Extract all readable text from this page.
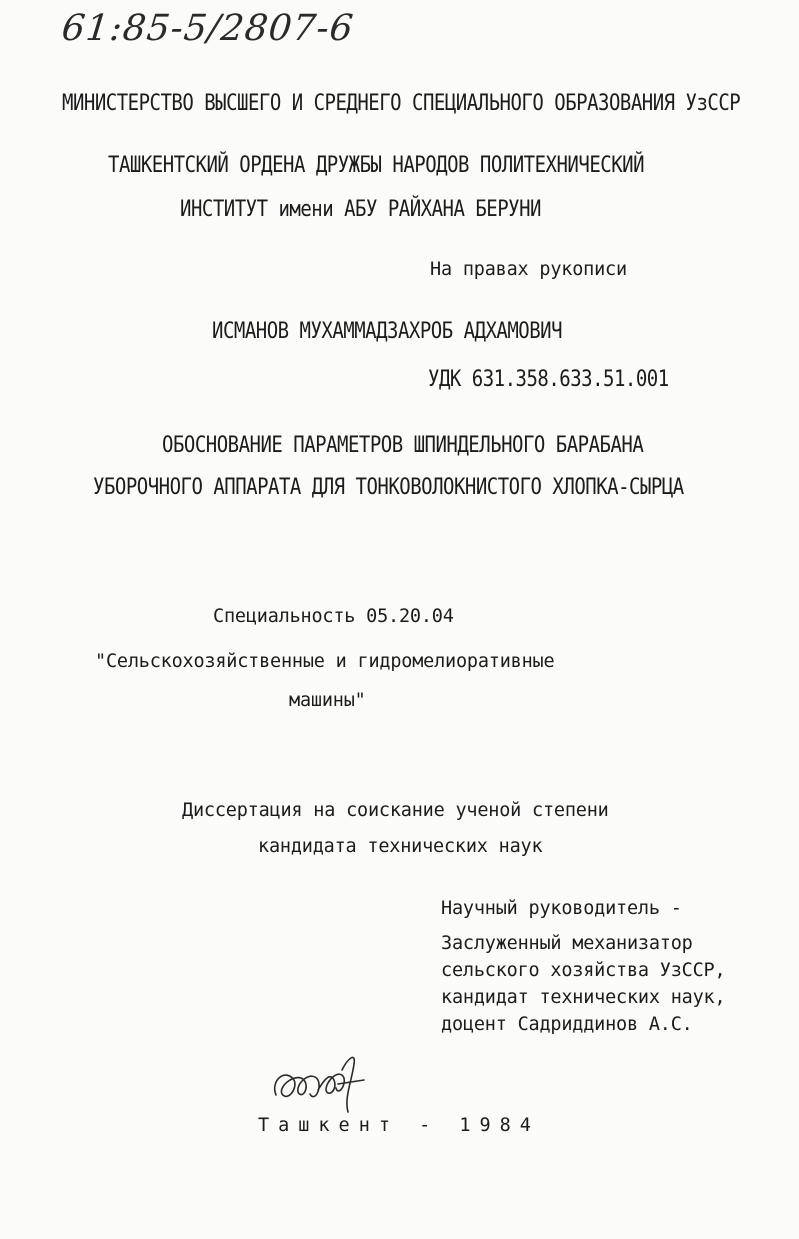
61:85-5/2807-6
МИНИСТЕРСТВО ВЫСШЕГО И СРЕДНЕГО СПЕЦИАЛЬНОГО ОБРАЗОВАНИЯ УзССР
ТАШКЕНТСКИЙ ОРДЕНА ДРУЖБЫ НАРОДОВ ПОЛИТЕХНИЧЕСКИЙ
ИНСТИТУТ имени АБУ РАЙХАНА БЕРУНИ
На правах рукописи
ИСМАНОВ МУХАММАДЗАХРОБ АДХАМОВИЧ
УДК 631.358.633.51.001
ОБОСНОВАНИЕ ПАРАМЕТРОВ ШПИНДЕЛЬНОГО БАРАБАНА
УБОРОЧНОГО АППАРАТА ДЛЯ ТОНКОВОЛОКНИСТОГО ХЛОПКА-СЫРЦА
Специальность 05.20.04
"Сельскохозяйственные и гидромелиоративные
машины"
Диссертация на соискание ученой степени
кандидата технических наук
Научный руководитель -
Заслуженный механизатор
сельского хозяйства УзССР,
кандидат технических наук,
доцент Садриддинов А.С.
Ташкент - 1984
